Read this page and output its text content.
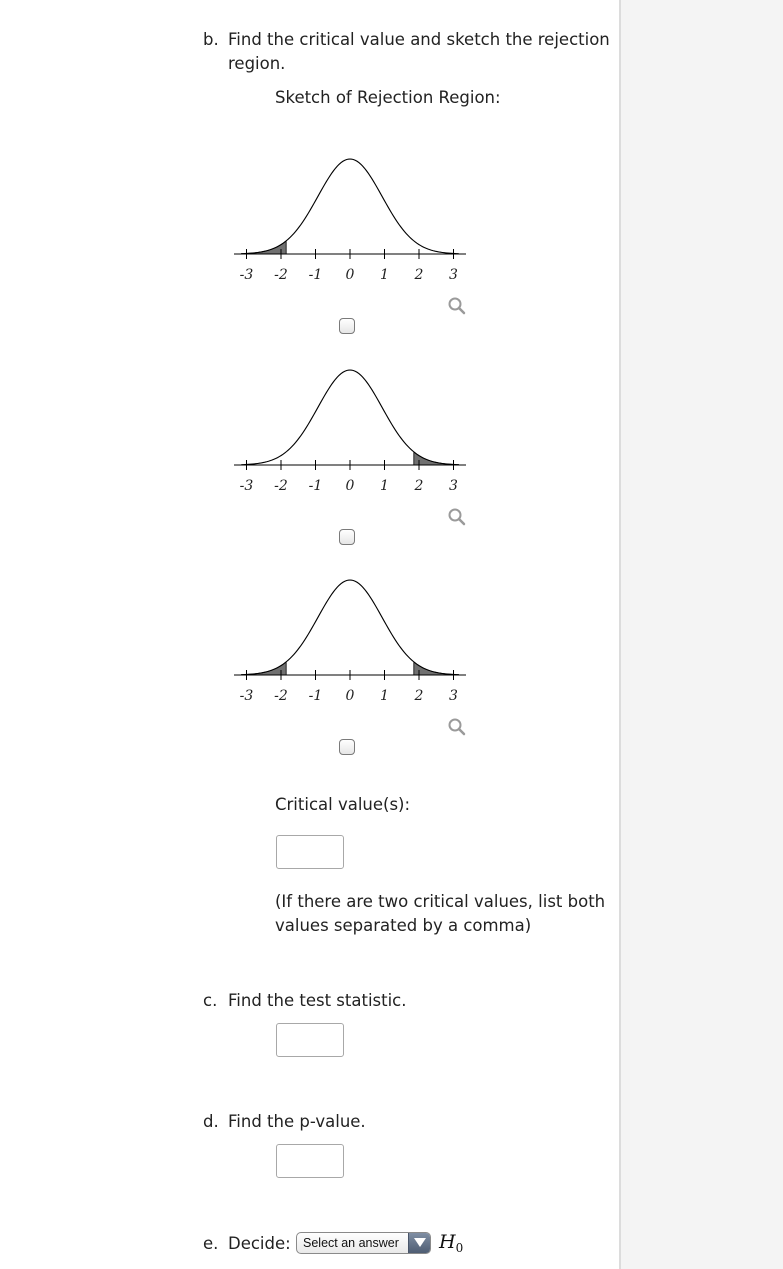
b. Find the critical value and sketch the rejection
region.
Sketch of Rejection Region:
-3 -2 -1 0 1 2 3
-3 -2 -1 0 1 2 3
-3 -2 -1 0 1 2 3
Critical value(s):
(If there are two critical values, list both
values separated by a comma)
c. Find the test statistic.
d. Find the p-value.
e. Decide: Select an answer $H_0$
